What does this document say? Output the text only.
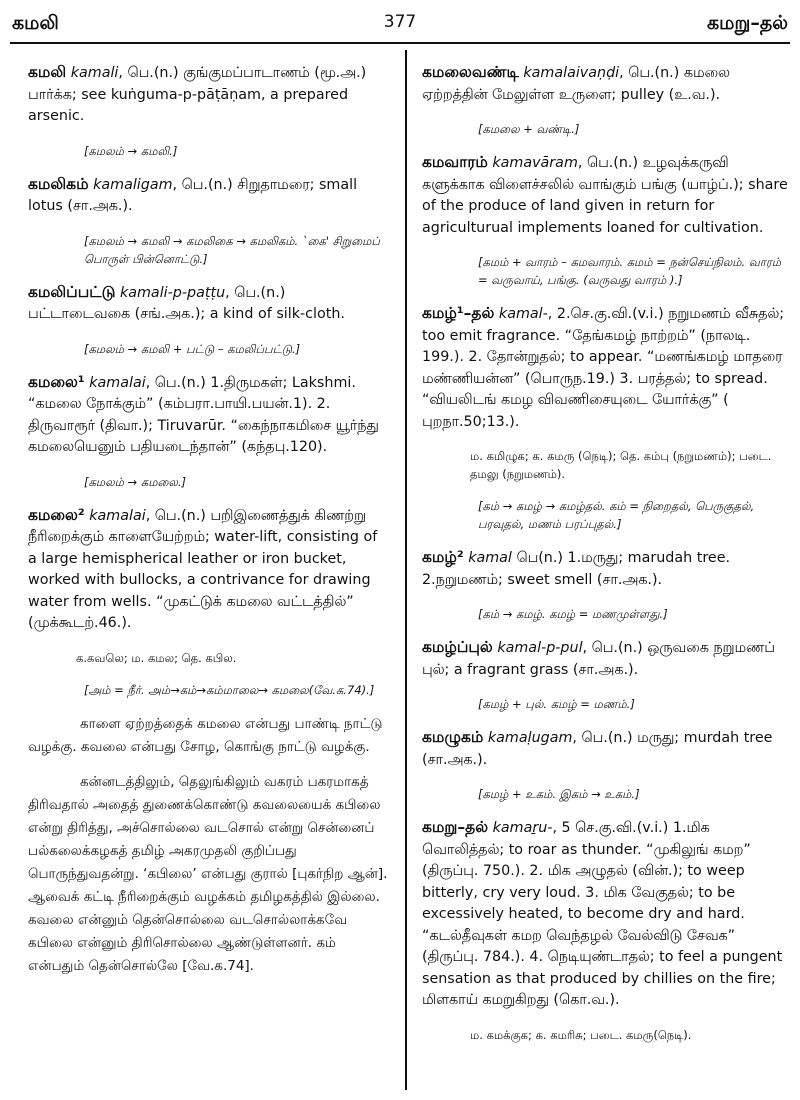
கமலி	377	கமறு–தல்
கமலி kamali, பெ.(n.) குங்குமப்பாடாணம் (மூ.அ.) பார்க்க; see kuṅguma-p-pāṭāṇam, a prepared arsenic.
[கமலம் → கமலி.]
கமலிகம் kamaligam, பெ.(n.) சிறுதாமரை; small lotus (சா.அக.).
[கமலம் → கமலி → கமலிகை → கமலிகம். `கை' சிறுமைப் பொருள் பின்னொட்டு.]
கமலிப்பட்டு kamali-p-paṭṭu, பெ.(n.) பட்டாடைவகை (சங்.அக.); a kind of silk-cloth.
[கமலம் → கமலி + பட்டு – கமலிப்பட்டு.]
கமலை¹ kamalai, பெ.(n.) 1.திருமகள்; Lakshmi. “கமலை நோக்கும்” (கம்பரா.பாயி.பயன்.1). 2. திருவாரூர் (திவா.); Tiruvarūr. “கைந்நாகமிசை யூர்ந்து கமலையெனும் பதியடைந்தான்” (கந்தபு.120).
[கமலம் → கமலை.]
கமலை² kamalai, பெ.(n.) பறிஇணைத்துக் கிணற்று நீரிறைக்கும் காளையேற்றம்; water-lift, consisting of a large hemispherical leather or iron bucket, worked with bullocks, a contrivance for drawing water from wells. “முகட்டுக் கமலை வட்டத்தில்” (முக்கூடற்.46.).
க.கவலெ; ம. கமல; தெ. கபில.
[அம் = நீர். அம்→கம்→கம்மாலை→ கமலை(வே.க.74).]
காளை ஏற்றத்தைக் கமலை என்பது பாண்டி நாட்டு வழக்கு. கவலை என்பது சோழ, கொங்கு நாட்டு வழக்கு.
கன்னடத்திலும், தெலுங்கிலும் வகரம் பகரமாகத் திரிவதால் அதைத் துணைக்கொண்டு கவலையைக் கபிலை என்று திரித்து, அச்சொல்லை வடசொல் என்று சென்னைப் பல்கலைக்கழகத் தமிழ் அகரமுதலி குறிப்பது பொருந்துவதன்று. ‘கபிலை’ என்பது குரால் [புகர்நிற ஆன்]. ஆவைக் கட்டி நீரிறைக்கும் வழக்கம் தமிழகத்தில் இல்லை. கவலை என்னும் தென்சொல்லை வடசொல்லாக்கவே கபிலை என்னும் திரிசொல்லை ஆண்டுள்ளனர். கம் என்பதும் தென்சொல்லே [வே.க.74].
கமலைவண்டி kamalaivaṇḍi, பெ.(n.) கமலை ஏற்றத்தின் மேலுள்ள உருளை; pulley (உ.வ.).
[கமலை + வண்டி.]
கமவாரம் kamavāram, பெ.(n.) உழவுக்கருவி களுக்காக விளைச்சலில் வாங்கும் பங்கு (யாழ்ப்.); share of the produce of land given in return for agriculturual implements loaned for cultivation.
[கமம் + வாரம் – கமவாரம். கமம் = நன்செய்நிலம். வாரம் = வருவாய், பங்கு. (வருவது வாரம் ).]
கமழ்¹–தல் kamal-, 2.செ.கு.வி.(v.i.) நறுமணம் வீசுதல்; too emit fragrance. “தேங்கமழ் நாற்றம்” (நாலடி. 199.). 2. தோன்றுதல்; to appear. “மணங்கமழ் மாதரை மண்ணியன்ன” (பொருந.19.) 3. பரத்தல்; to spread. “வியலிடங் கமழ விவணிசையுடை யோர்க்கு” ( புறநா.50;13.).
ம. கமிழுக; க. கமரு (நெடி); தெ. கம்பு (நறுமணம்); படை. தமலு (நறுமணம்).
[கம் → கமழ் → கமழ்தல். கம் = நிறைதல், பெருகுதல், பரவுதல், மணம் பரப்புதல்.]
கமழ்² kamal பெ(n.) 1.மருது; marudah tree. 2.நறுமணம்; sweet smell (சா.அக.).
[கம் → கமழ். கமழ் = மணமுள்ளது.]
கமழ்ப்புல் kamal-p-pul, பெ.(n.) ஒருவகை நறுமணப் புல்; a fragrant grass (சா.அக.).
[கமழ் + புல். கமழ் = மணம்.]
கமழுகம் kamaḷugam, பெ.(n.) மருது; murdah tree (சா.அக.).
[கமழ் + உகம். இகம் → உகம்.]
கமறு–தல் kamaṟu-, 5 செ.கு.வி.(v.i.) 1.மிக வொலித்தல்; to roar as thunder. “முகிலுங் கமற” (திருப்பு. 750.). 2. மிக அழுதல் (வின்.); to weep bitterly, cry very loud. 3. மிக வேகுதல்; to be excessively heated, to become dry and hard. “கடல்தீவுகள் கமற வெந்தழல் வேல்விடு சேவக” (திருப்பு. 784.). 4. நெடியுண்டாதல்; to feel a pungent sensation as that produced by chillies on the fire; மிளகாய் கமறுகிறது (கொ.வ.).
ம. கமக்குக; க. கமரிசு; படை. கமரு(நெடி).
